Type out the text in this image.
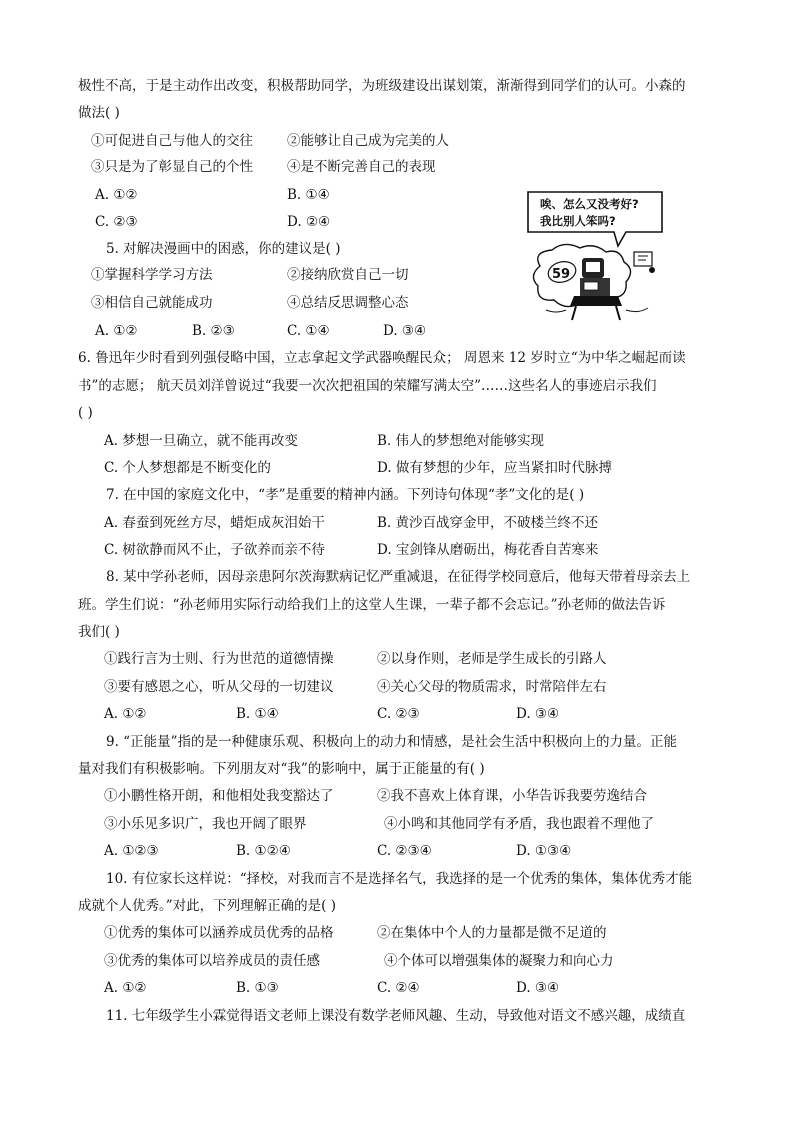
极性不高，于是主动作出改变，积极帮助同学，为班级建设出谋划策，渐渐得到同学们的认可。小森的
做法( )
①可促进自己与他人的交往	②能够让自己成为完美的人
③只是为了彰显自己的个性	④是不断完善自己的表现
A. ①②	B. ①④
C. ②③	D. ②④
5. 对解决漫画中的困惑，你的建议是( )
①掌握科学学习方法	②接纳欣赏自己一切
③相信自己就能成功	④总结反思调整心态
A. ①②	B. ②③	C. ①④	D. ③④
唉、怎么又没考好?
我比别人笨吗?
59
6. 鲁迅年少时看到列强侵略中国，立志拿起文学武器唤醒民众； 周恩来 12 岁时立“为中华之崛起而读
书”的志愿； 航天员刘洋曾说过“我要一次次把祖国的荣耀写满太空”……这些名人的事迹启示我们
( )
A. 梦想一旦确立，就不能再改变	B. 伟人的梦想绝对能够实现
C. 个人梦想都是不断变化的	D. 做有梦想的少年，应当紧扣时代脉搏
7. 在中国的家庭文化中，“孝”是重要的精神内涵。下列诗句体现“孝”文化的是( )
A. 春蚕到死丝方尽，蜡炬成灰泪始干	B. 黄沙百战穿金甲，不破楼兰终不还
C. 树欲静而风不止，子欲养而亲不待	D. 宝剑锋从磨砺出，梅花香自苦寒来
8. 某中学孙老师，因母亲患阿尔茨海默病记忆严重减退，在征得学校同意后，他每天带着母亲去上
班。学生们说：“孙老师用实际行动给我们上的这堂人生课，一辈子都不会忘记。”孙老师的做法告诉
我们( )
①践行言为士则、行为世范的道德情操	②以身作则，老师是学生成长的引路人
③要有感恩之心，听从父母的一切建议	④关心父母的物质需求，时常陪伴左右
A. ①②	B. ①④	C. ②③	D. ③④
9. “正能量”指的是一种健康乐观、积极向上的动力和情感，是社会生活中积极向上的力量。正能
量对我们有积极影响。下列朋友对“我”的影响中，属于正能量的有( )
①小鹏性格开朗，和他相处我变豁达了	②我不喜欢上体育课，小华告诉我要劳逸结合
③小乐见多识广，我也开阔了眼界	④小鸣和其他同学有矛盾，我也跟着不理他了
A. ①②③	B. ①②④	C. ②③④	D. ①③④
10. 有位家长这样说：“择校，对我而言不是选择名气，我选择的是一个优秀的集体，集体优秀才能
成就个人优秀。”对此，下列理解正确的是( )
①优秀的集体可以涵养成员优秀的品格	②在集体中个人的力量都是微不足道的
③优秀的集体可以培养成员的责任感	④个体可以增强集体的凝聚力和向心力
A. ①②	B. ①③	C. ②④	D. ③④
11. 七年级学生小霖觉得语文老师上课没有数学老师风趣、生动，导致他对语文不感兴趣，成绩直
